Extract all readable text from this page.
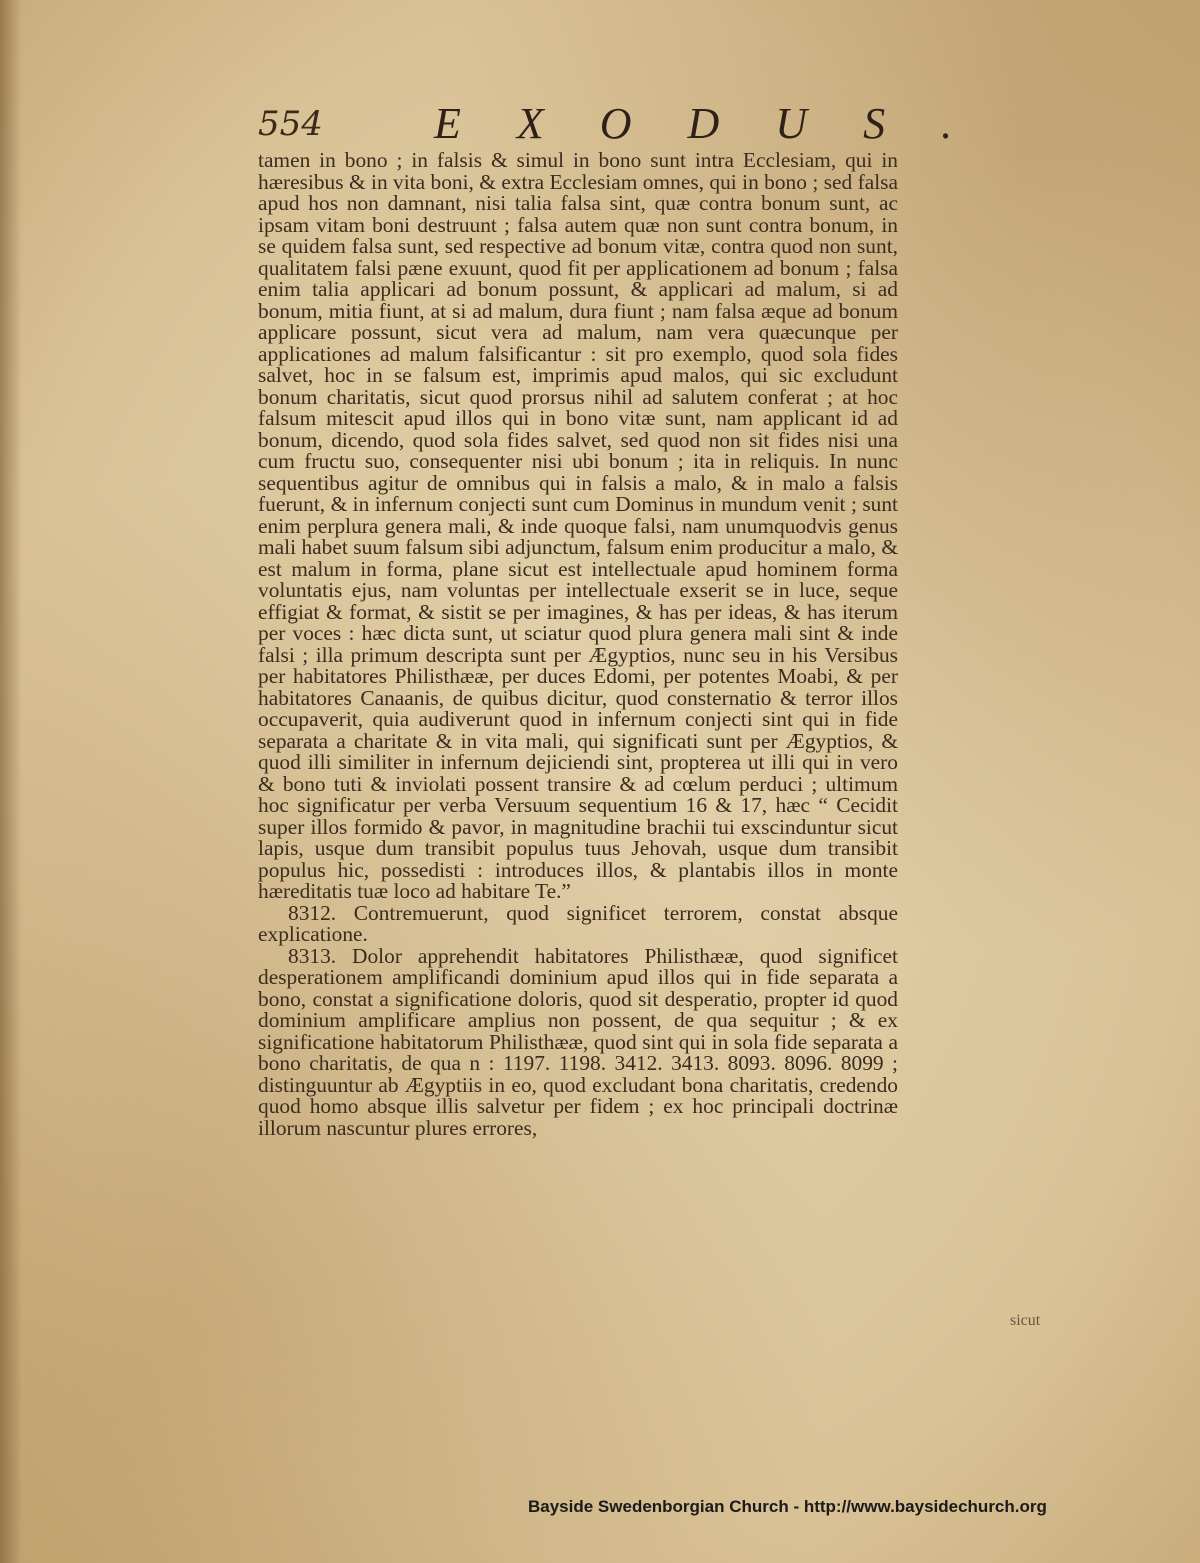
554	EXODUS.

tamen in bono ; in falsis & simul in bono sunt intra Ecclesiam, qui in hæresibus & in vita boni, & extra Ecclesiam omnes, qui in bono ; sed falsa apud hos non damnant, nisi talia falsa sint, quæ contra bonum sunt, ac ipsam vitam boni destruunt ; falsa autem quæ non sunt contra bonum, in se quidem falsa sunt, sed respective ad bonum vitæ, contra quod non sunt, qualitatem falsi pæne exuunt, quod fit per applicationem ad bonum ; falsa enim talia applicari ad bonum possunt, & applicari ad malum, si ad bonum, mitia fiunt, at si ad malum, dura fiunt ; nam falsa æque ad bonum applicare possunt, sicut vera ad malum, nam vera quæcunque per applicationes ad malum falsificantur : sit pro exemplo, quod sola fides salvet, hoc in se falsum est, imprimis apud malos, qui sic excludunt bonum charitatis, sicut quod prorsus nihil ad salutem conferat ; at hoc falsum mitescit apud illos qui in bono vitæ sunt, nam applicant id ad bonum, dicendo, quod sola fides salvet, sed quod non sit fides nisi una cum fructu suo, consequenter nisi ubi bonum ; ita in reliquis. In nunc sequentibus agitur de omnibus qui in falsis a malo, & in malo a falsis fuerunt, & in infernum conjecti sunt cum Dominus in mundum venit ; sunt enim perplura genera mali, & inde quoque falsi, nam unumquodvis genus mali habet suum falsum sibi adjunctum, falsum enim producitur a malo, & est malum in forma, plane sicut est intellectuale apud hominem forma voluntatis ejus, nam voluntas per intellectuale exserit se in luce, seque effigiat & format, & sistit se per imagines, & has per ideas, & has iterum per voces : hæc dicta sunt, ut sciatur quod plura genera mali sint & inde falsi ; illa primum descripta sunt per Ægyptios, nunc seu in his Versibus per habitatores Philisthææ, per duces Edomi, per potentes Moabi, & per habitatores Canaanis, de quibus dicitur, quod consternatio & terror illos occupaverit, quia audiverunt quod in infernum conjecti sint qui in fide separata a charitate & in vita mali, qui significati sunt per Ægyptios, & quod illi similiter in infernum dejiciendi sint, propterea ut illi qui in vero & bono tuti & inviolati possent transire & ad cœlum perduci ; ultimum hoc significatur per verba Versuum sequentium 16 & 17, hæc “ Cecidit super illos formido & pavor, in magnitudine brachii tui exscinduntur sicut lapis, usque dum transibit populus tuus Jehovah, usque dum transibit populus hic, possedisti : introduces illos, & plantabis illos in monte hæreditatis tuæ loco ad habitare Te.”

8312. Contremuerunt, quod significet terrorem, constat absque explicatione.

8313. Dolor apprehendit habitatores Philisthææ, quod significet desperationem amplificandi dominium apud illos qui in fide separata a bono, constat a significatione doloris, quod sit desperatio, propter id quod dominium amplificare amplius non possent, de qua sequitur ; & ex significatione habitatorum Philisthææ, quod sint qui in sola fide separata a bono charitatis, de qua n : 1197. 1198. 3412. 3413. 8093. 8096. 8099 ; distinguuntur ab Ægyptiis in eo, quod excludant bona charitatis, credendo quod homo absque illis salvetur per fidem ; ex hoc principali doctrinæ illorum nascuntur plures errores,

sicut
Bayside Swedenborgian Church - http://www.baysidechurch.org
